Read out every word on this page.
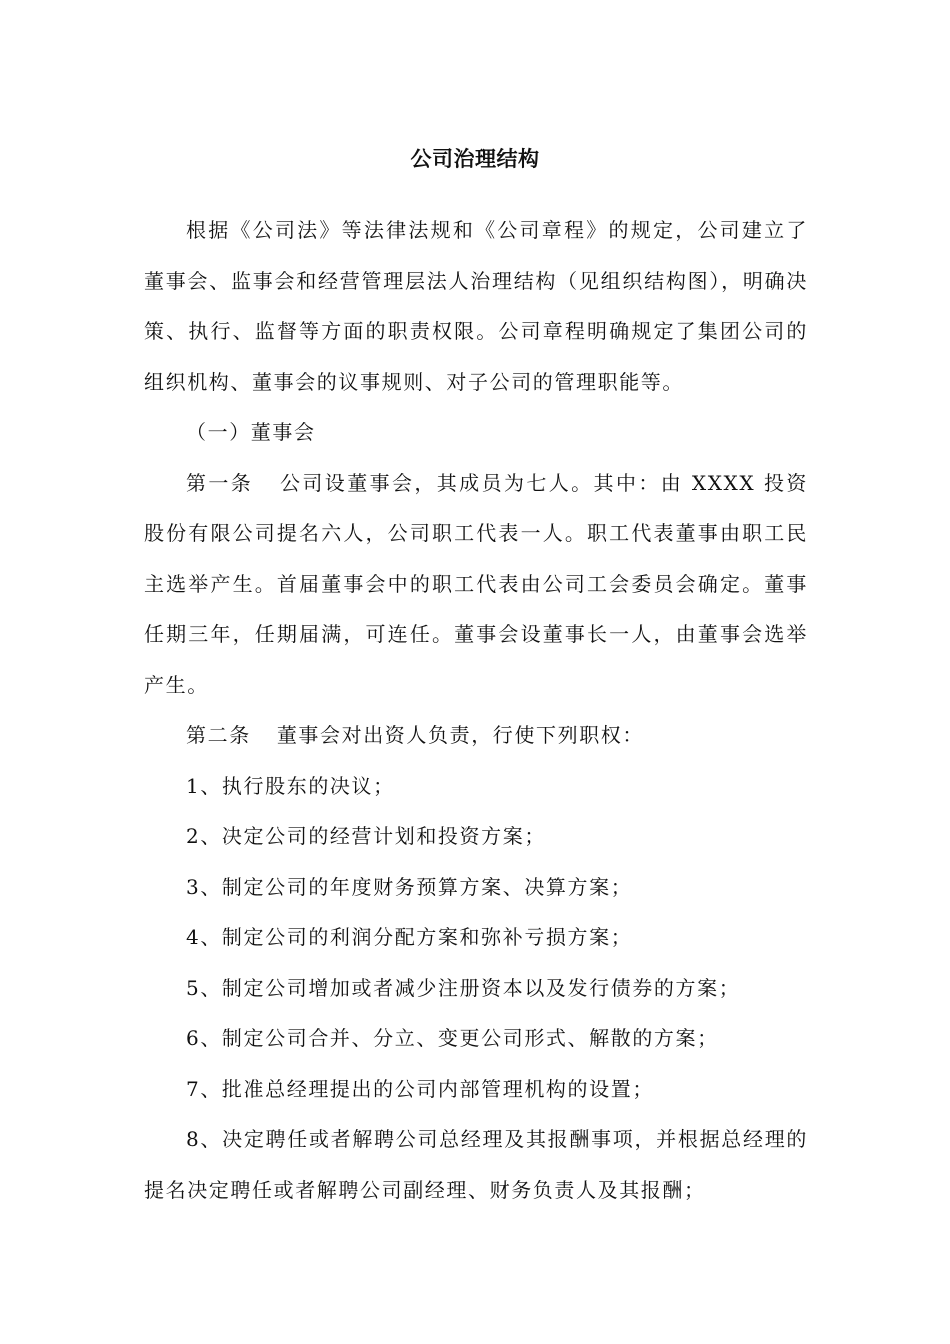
公司治理结构

根据《公司法》等法律法规和《公司章程》的规定，公司建立了董事会、监事会和经营管理层法人治理结构（见组织结构图），明确决策、执行、监督等方面的职责权限。公司章程明确规定了集团公司的组织机构、董事会的议事规则、对子公司的管理职能等。

（一）董事会

第一条 公司设董事会，其成员为七人。其中：由 XXXX 投资股份有限公司提名六人，公司职工代表一人。职工代表董事由职工民主选举产生。首届董事会中的职工代表由公司工会委员会确定。董事任期三年，任期届满，可连任。董事会设董事长一人，由董事会选举产生。

第二条 董事会对出资人负责，行使下列职权：

1、执行股东的决议；

2、决定公司的经营计划和投资方案；

3、制定公司的年度财务预算方案、决算方案；

4、制定公司的利润分配方案和弥补亏损方案；

5、制定公司增加或者减少注册资本以及发行债券的方案；

6、制定公司合并、分立、变更公司形式、解散的方案；

7、批准总经理提出的公司内部管理机构的设置；

8、决定聘任或者解聘公司总经理及其报酬事项，并根据总经理的提名决定聘任或者解聘公司副经理、财务负责人及其报酬；
